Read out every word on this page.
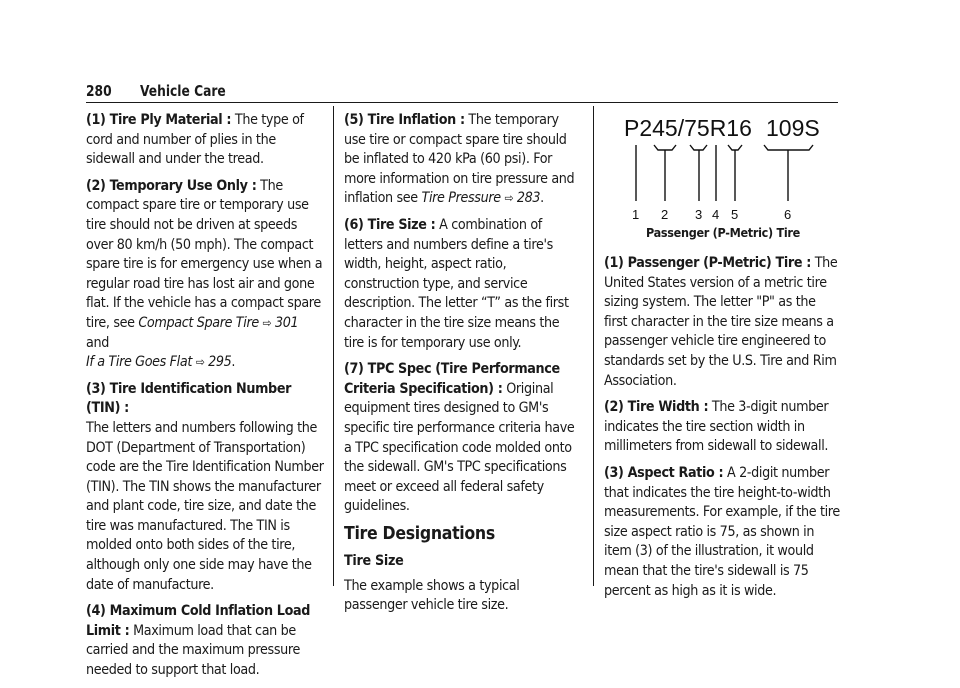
280 Vehicle Care

(1) Tire Ply Material : The type of cord and number of plies in the sidewall and under the tread.

(2) Temporary Use Only : The compact spare tire or temporary use tire should not be driven at speeds over 80 km/h (50 mph). The compact spare tire is for emergency use when a regular road tire has lost air and gone flat. If the vehicle has a compact spare tire, see Compact Spare Tire ⇨ 301 and
If a Tire Goes Flat ⇨ 295.

(3) Tire Identification Number (TIN) :
The letters and numbers following the DOT (Department of Transportation) code are the Tire Identification Number (TIN). The TIN shows the manufacturer and plant code, tire size, and date the tire was manufactured. The TIN is molded onto both sides of the tire, although only one side may have the date of manufacture.

(4) Maximum Cold Inflation Load Limit : Maximum load that can be carried and the maximum pressure needed to support that load.

(5) Tire Inflation : The temporary use tire or compact spare tire should be inflated to 420 kPa (60 psi). For more information on tire pressure and inflation see Tire Pressure ⇨ 283.

(6) Tire Size : A combination of letters and numbers define a tire's width, height, aspect ratio, construction type, and service description. The letter “T” as the first character in the tire size means the tire is for temporary use only.

(7) TPC Spec (Tire Performance Criteria Specification) : Original equipment tires designed to GM's specific tire performance criteria have a TPC specification code molded onto the sidewall. GM's TPC specifications meet or exceed all federal safety guidelines.

Tire Designations
Tire Size

The example shows a typical passenger vehicle tire size.

P245/75R16 109S
1 2 3 4 5	6
Passenger (P-Metric) Tire

(1) Passenger (P-Metric) Tire : The United States version of a metric tire sizing system. The letter "P" as the first character in the tire size means a passenger vehicle tire engineered to standards set by the U.S. Tire and Rim Association.

(2) Tire Width : The 3-digit number indicates the tire section width in millimeters from sidewall to sidewall.

(3) Aspect Ratio : A 2-digit number that indicates the tire height-to-width measurements. For example, if the tire size aspect ratio is 75, as shown in item (3) of the illustration, it would mean that the tire's sidewall is 75 percent as high as it is wide.
